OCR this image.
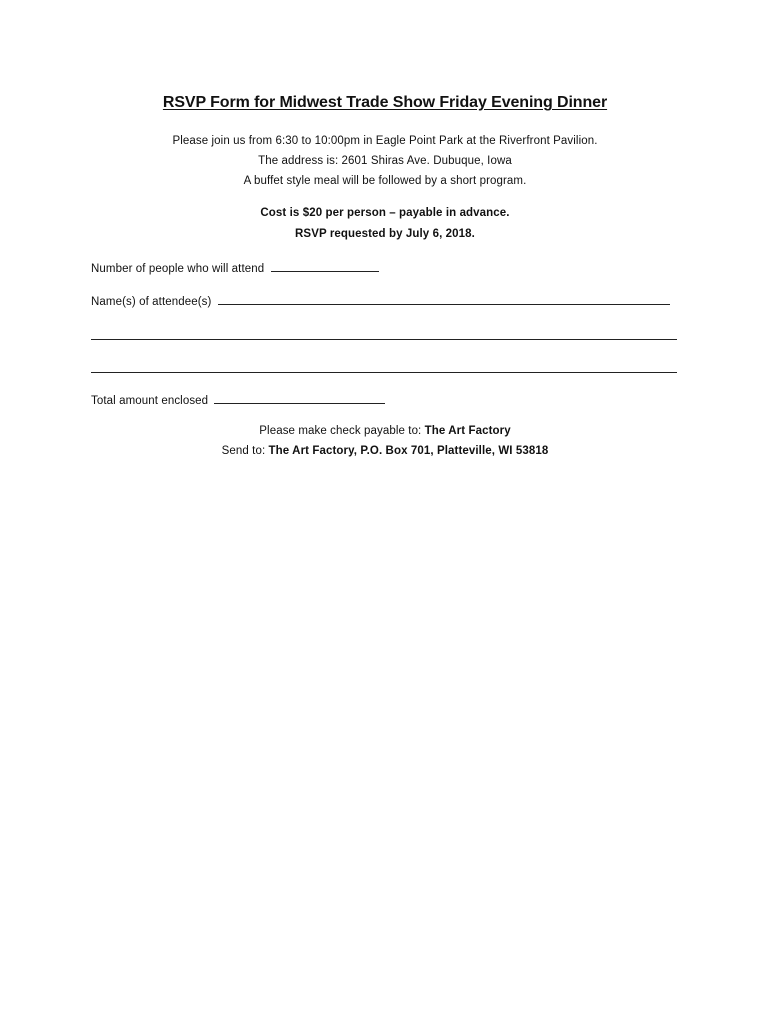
RSVP Form for Midwest Trade Show Friday Evening Dinner
Please join us from 6:30 to 10:00pm in Eagle Point Park at the Riverfront Pavilion.
The address is: 2601 Shiras Ave. Dubuque, Iowa
A buffet style meal will be followed by a short program.
Cost is $20 per person – payable in advance.
RSVP requested by July 6, 2018.
Number of people who will attend
Name(s) of attendee(s)
Total amount enclosed
Please make check payable to: The Art Factory
Send to: The Art Factory, P.O. Box 701, Platteville, WI 53818
